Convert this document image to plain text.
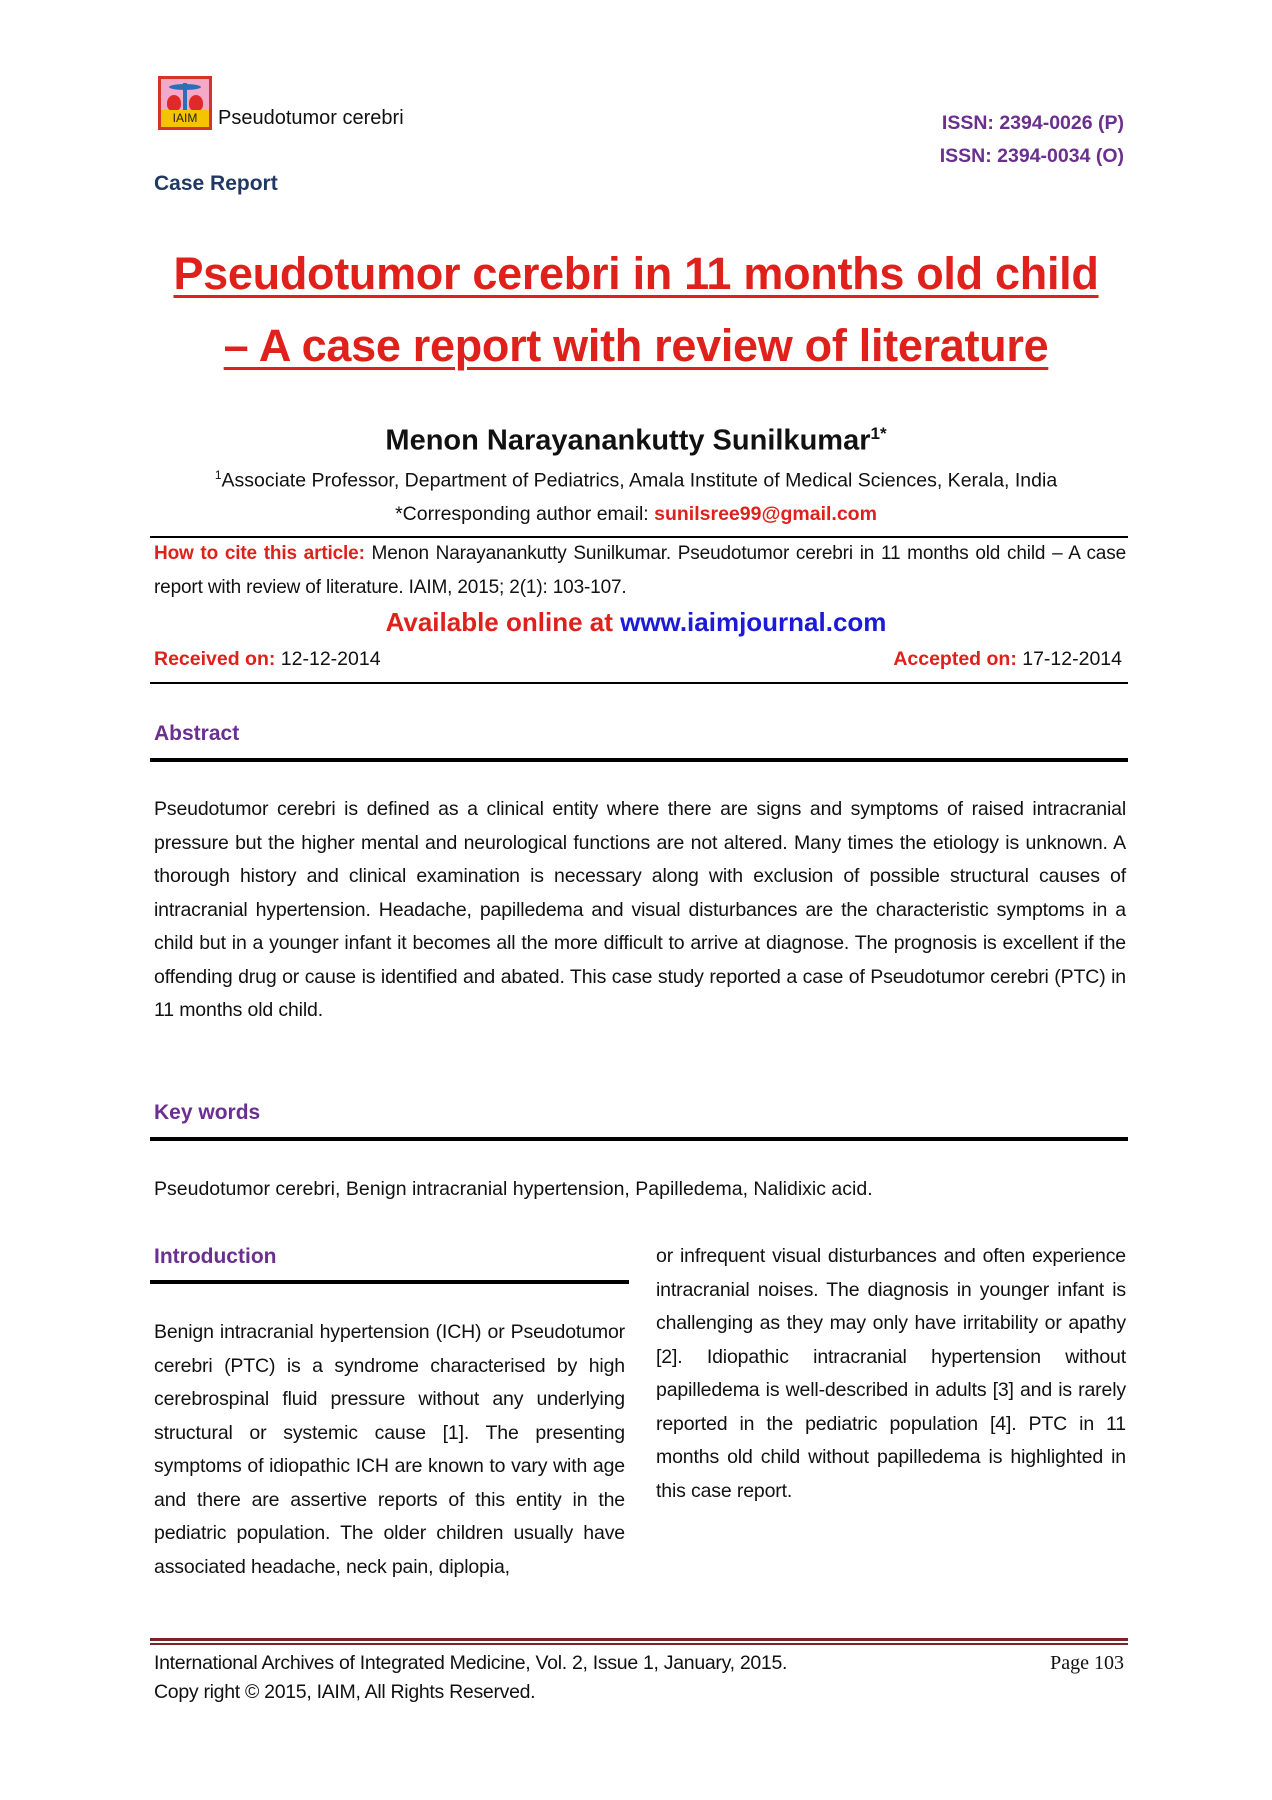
IAIM	Pseudotumor cerebri	ISSN: 2394-0026 (P)
ISSN: 2394-0034 (O)
Case Report
Pseudotumor cerebri in 11 months old child
– A case report with review of literature
Menon Narayanankutty Sunilkumar$^{1*}$
$^1$Associate Professor, Department of Pediatrics, Amala Institute of Medical Sciences, Kerala, India
*Corresponding author email: sunilsree99@gmail.com
How to cite this article: Menon Narayanankutty Sunilkumar. Pseudotumor cerebri in 11 months old child – A case report with review of literature. IAIM, 2015; 2(1): 103-107.
Available online at www.iaimjournal.com
Received on: 12-12-2014	Accepted on: 17-12-2014
Abstract
Pseudotumor cerebri is defined as a clinical entity where there are signs and symptoms of raised intracranial pressure but the higher mental and neurological functions are not altered. Many times the etiology is unknown. A thorough history and clinical examination is necessary along with exclusion of possible structural causes of intracranial hypertension. Headache, papilledema and visual disturbances are the characteristic symptoms in a child but in a younger infant it becomes all the more difficult to arrive at diagnose. The prognosis is excellent if the offending drug or cause is identified and abated. This case study reported a case of Pseudotumor cerebri (PTC) in 11 months old child.
Key words
Pseudotumor cerebri, Benign intracranial hypertension, Papilledema, Nalidixic acid.
Introduction
Benign intracranial hypertension (ICH) or Pseudotumor cerebri (PTC) is a syndrome characterised by high cerebrospinal fluid pressure without any underlying structural or systemic cause [1]. The presenting symptoms of idiopathic ICH are known to vary with age and there are assertive reports of this entity in the pediatric population. The older children usually have associated headache, neck pain, diplopia,
or infrequent visual disturbances and often experience intracranial noises. The diagnosis in younger infant is challenging as they may only have irritability or apathy [2]. Idiopathic intracranial hypertension without papilledema is well-described in adults [3] and is rarely reported in the pediatric population [4]. PTC in 11 months old child without papilledema is highlighted in this case report.
International Archives of Integrated Medicine, Vol. 2, Issue 1, January, 2015.	Page 103
Copy right © 2015, IAIM, All Rights Reserved.
